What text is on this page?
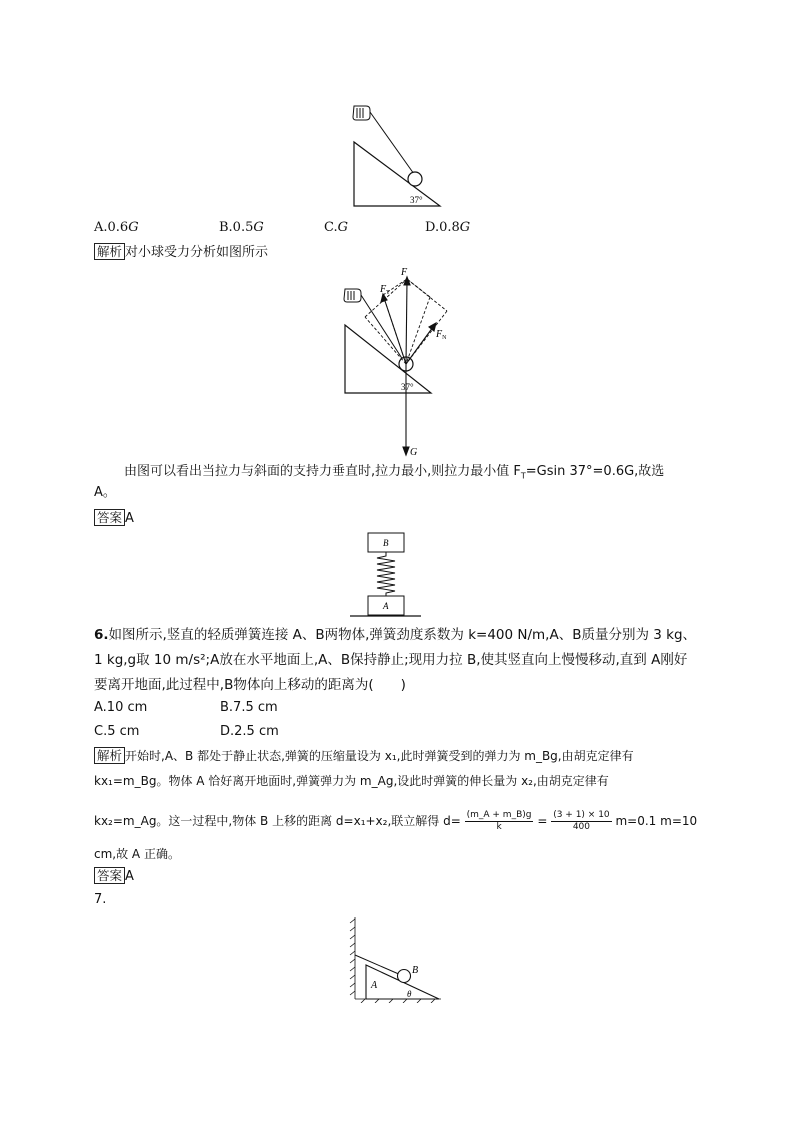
37°
A.0.6G	B.0.5G	C.G	D.0.8G
解析 对小球受力分析如图所示
F
$F_T$
$F_N$
37°
G
由图可以看出当拉力与斜面的支持力垂直时,拉力最小,则拉力最小值 $F_T=Gsin$ 37°=0.6G,故选
A。
答案 A
B
A
6.如图所示,竖直的轻质弹簧连接 A、B两物体,弹簧劲度系数为 k=400 N/m,A、B质量分别为 3 kg、
1 kg,g取 10 m/s²;A放在水平地面上,A、B保持静止;现用力拉 B,使其竖直向上慢慢移动,直到 A刚好
要离开地面,此过程中,B物体向上移动的距离为(　　)
A.10 cm	B.7.5 cm
C.5 cm	D.2.5 cm
解析 开始时,A、B 都处于静止状态,弹簧的压缩量设为 x₁,此时弹簧受到的弹力为 m_Bg,由胡克定律有
kx₁=m_Bg。物体 A 恰好离开地面时,弹簧弹力为 m_Ag,设此时弹簧的伸长量为 x₂,由胡克定律有
kx₂=m_Ag。这一过程中,物体 B 上移的距离 d=x₁+x₂,联立解得 $d= \frac{(m\_A + m\_B)g}{k} = \frac{(3 + 1) \times 10}{400} m=0.1$ m=10
cm,故 A 正确。
答案 A
7.
A
B
θ
